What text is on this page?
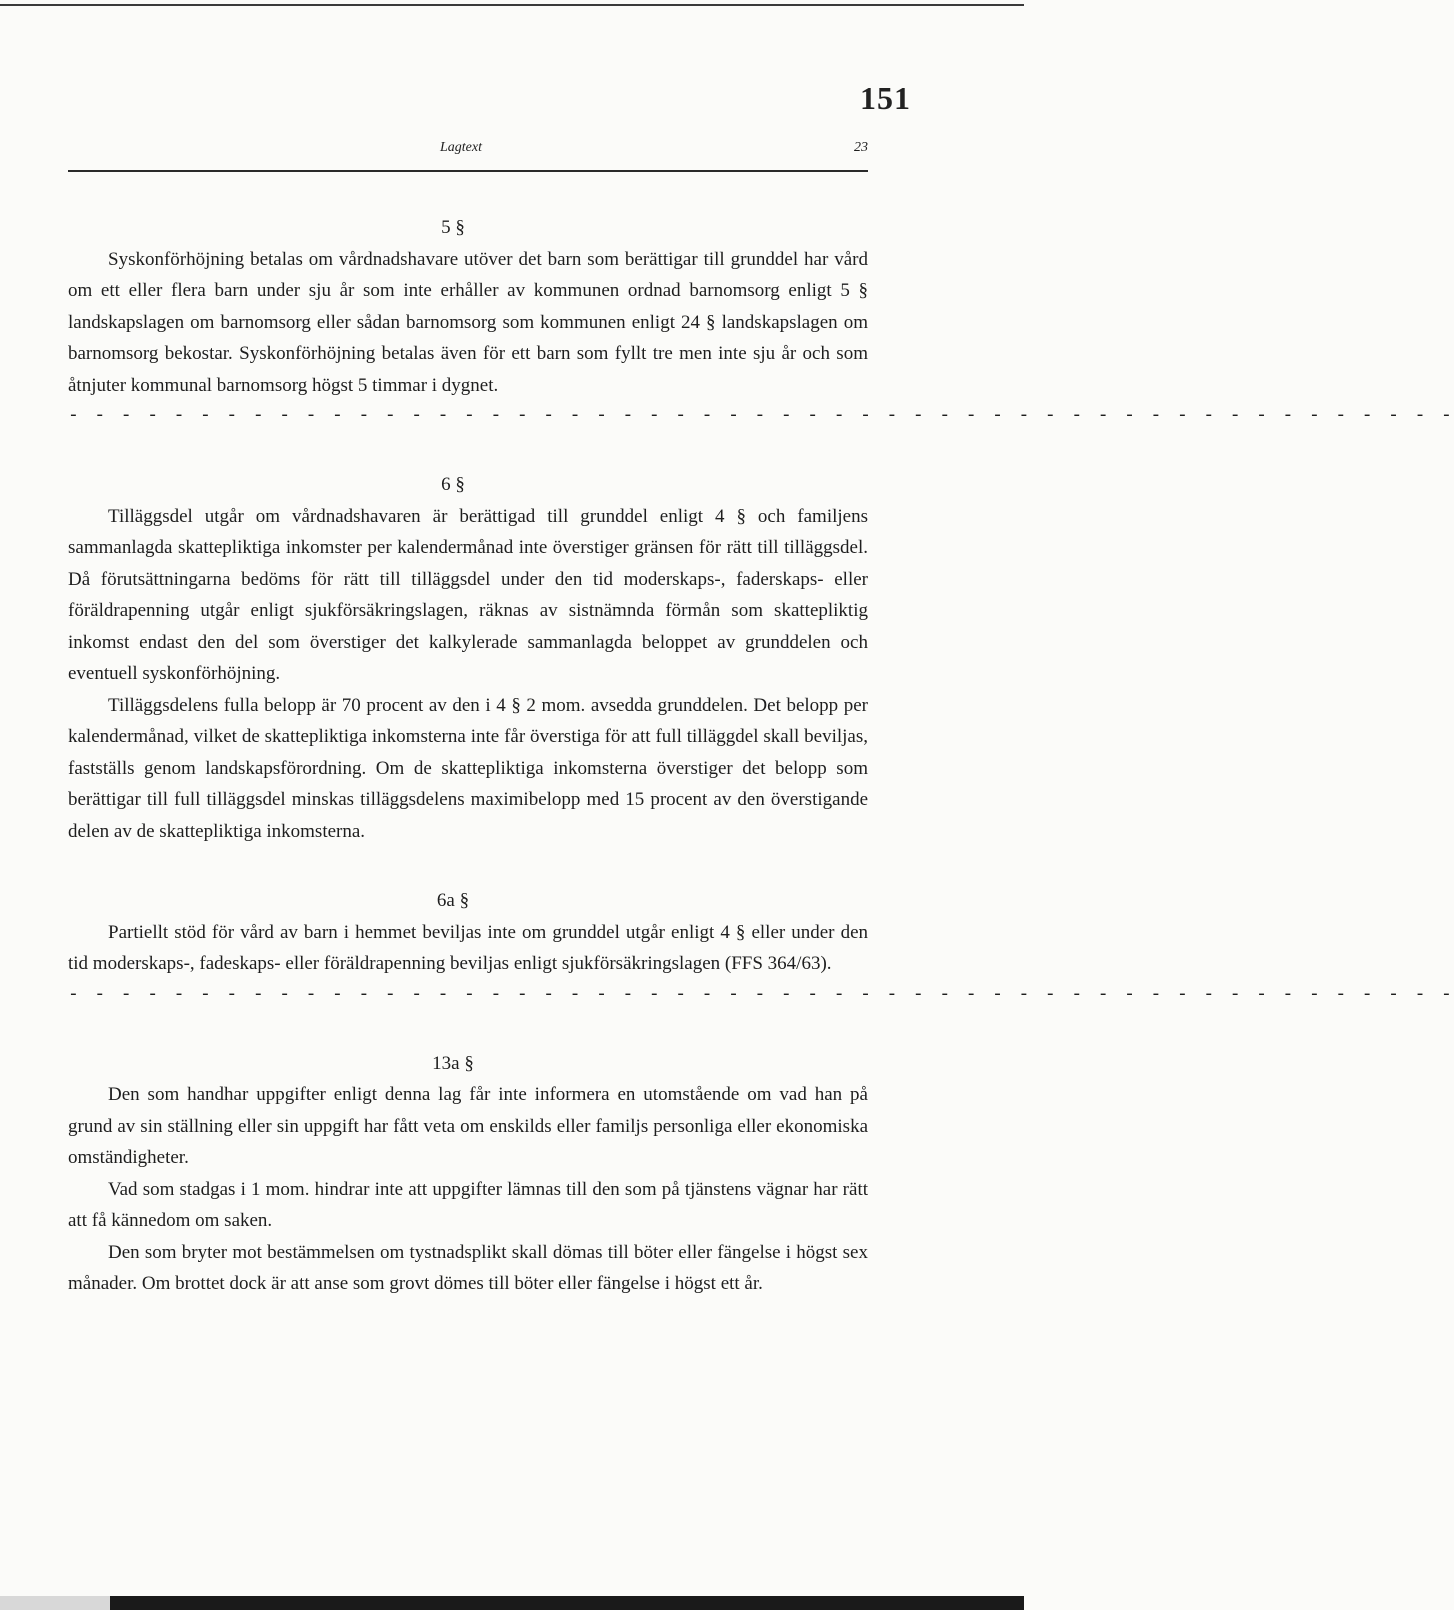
151
Lagtext	23

5 §

Syskonförhöjning betalas om vårdnadshavare utöver det barn som berättigar till grunddel har vård om ett eller flera barn under sju år som inte erhåller av kommunen ordnad barnomsorg enligt 5 § landskapslagen om barnomsorg eller sådan barnomsorg som kommunen enligt 24 § landskapslagen om barnomsorg bekostar. Syskonförhöjning betalas även för ett barn som fyllt tre men inte sju år och som åtnjuter kommunal barnomsorg högst 5 timmar i dygnet.

- - - - - - - - - - - - - - - - - - - - - - - - - - - - - - - - - - - - - - - - - - - - - - - - - - - - -

6 §

Tilläggsdel utgår om vårdnadshavaren är berättigad till grunddel enligt 4 § och familjens sammanlagda skattepliktiga inkomster per kalendermånad inte överstiger gränsen för rätt till tilläggsdel. Då förutsättningarna bedöms för rätt till tilläggsdel under den tid moderskaps-, faderskaps- eller föräldrapenning utgår enligt sjukförsäkringslagen, räknas av sistnämnda förmån som skattepliktig inkomst endast den del som överstiger det kalkylerade sammanlagda beloppet av grunddelen och eventuell syskonförhöjning.

Tilläggsdelens fulla belopp är 70 procent av den i 4 § 2 mom. avsedda grunddelen. Det belopp per kalendermånad, vilket de skattepliktiga inkomsterna inte får överstiga för att full tilläggdel skall beviljas, fastställs genom landskapsförordning. Om de skattepliktiga inkomsterna överstiger det belopp som berättigar till full tilläggsdel minskas tilläggsdelens maximibelopp med 15 procent av den överstigande delen av de skattepliktiga inkomsterna.

6a §

Partiellt stöd för vård av barn i hemmet beviljas inte om grunddel utgår enligt 4 § eller under den tid moderskaps-, fadeskaps- eller föräldrapenning beviljas enligt sjukförsäkringslagen (FFS 364/63).

- - - - - - - - - - - - - - - - - - - - - - - - - - - - - - - - - - - - - - - - - - - - - - - - - - - - -

13a §

Den som handhar uppgifter enligt denna lag får inte informera en utomstående om vad han på grund av sin ställning eller sin uppgift har fått veta om enskilds eller familjs personliga eller ekonomiska omständigheter.

Vad som stadgas i 1 mom. hindrar inte att uppgifter lämnas till den som på tjänstens vägnar har rätt att få kännedom om saken.

Den som bryter mot bestämmelsen om tystnadsplikt skall dömas till böter eller fängelse i högst sex månader. Om brottet dock är att anse som grovt dömes till böter eller fängelse i högst ett år.
